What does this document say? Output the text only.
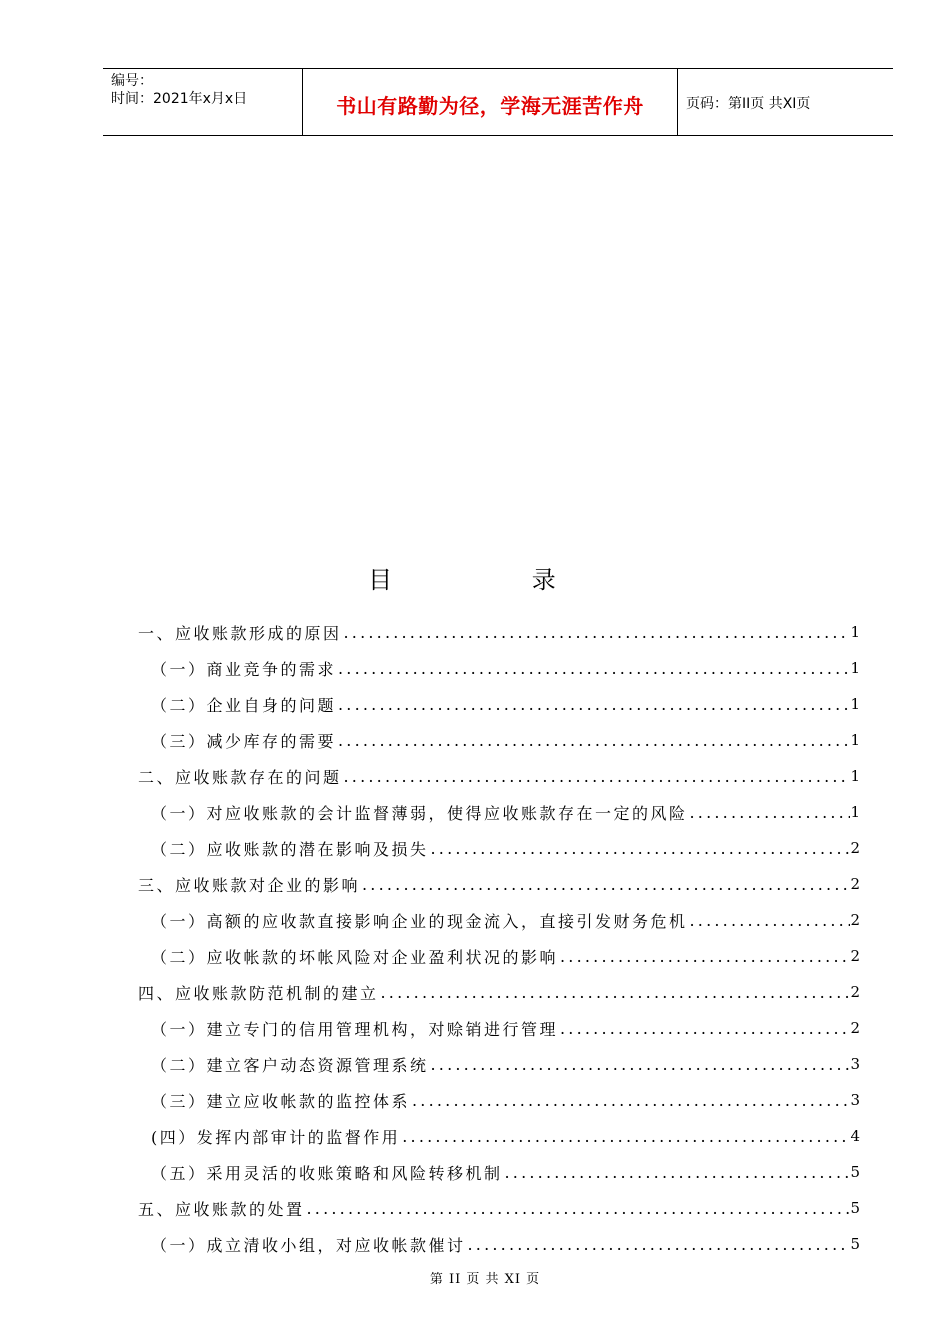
编号：
时间：2021年x月x日	书山有路勤为径，学海无涯苦作舟	页码：第II页 共XI页
目 录
一、应收账款形成的原因 .....	1
（一）商业竞争的需求 .....	1
（二）企业自身的问题 .....	1
（三）减少库存的需要 .....	1
二、应收账款存在的问题 .....	1
（一）对应收账款的会计监督薄弱，使得应收账款存在一定的风险 .....	1
（二）应收账款的潜在影响及损失 .....	2
三、应收账款对企业的影响 .....	2
（一）高额的应收款直接影响企业的现金流入，直接引发财务危机 .....	2
（二）应收帐款的坏帐风险对企业盈利状况的影响 .....	2
四、应收账款防范机制的建立 .....	2
（一）建立专门的信用管理机构，对赊销进行管理 .....	2
（二）建立客户动态资源管理系统 .....	3
（三）建立应收帐款的监控体系 .....	3
(四）发挥内部审计的监督作用 .....	4
（五）采用灵活的收账策略和风险转移机制 .....	5
五、应收账款的处置 .....	5
（一）成立清收小组，对应收帐款催讨 .....	5
第 II 页 共 XI 页
